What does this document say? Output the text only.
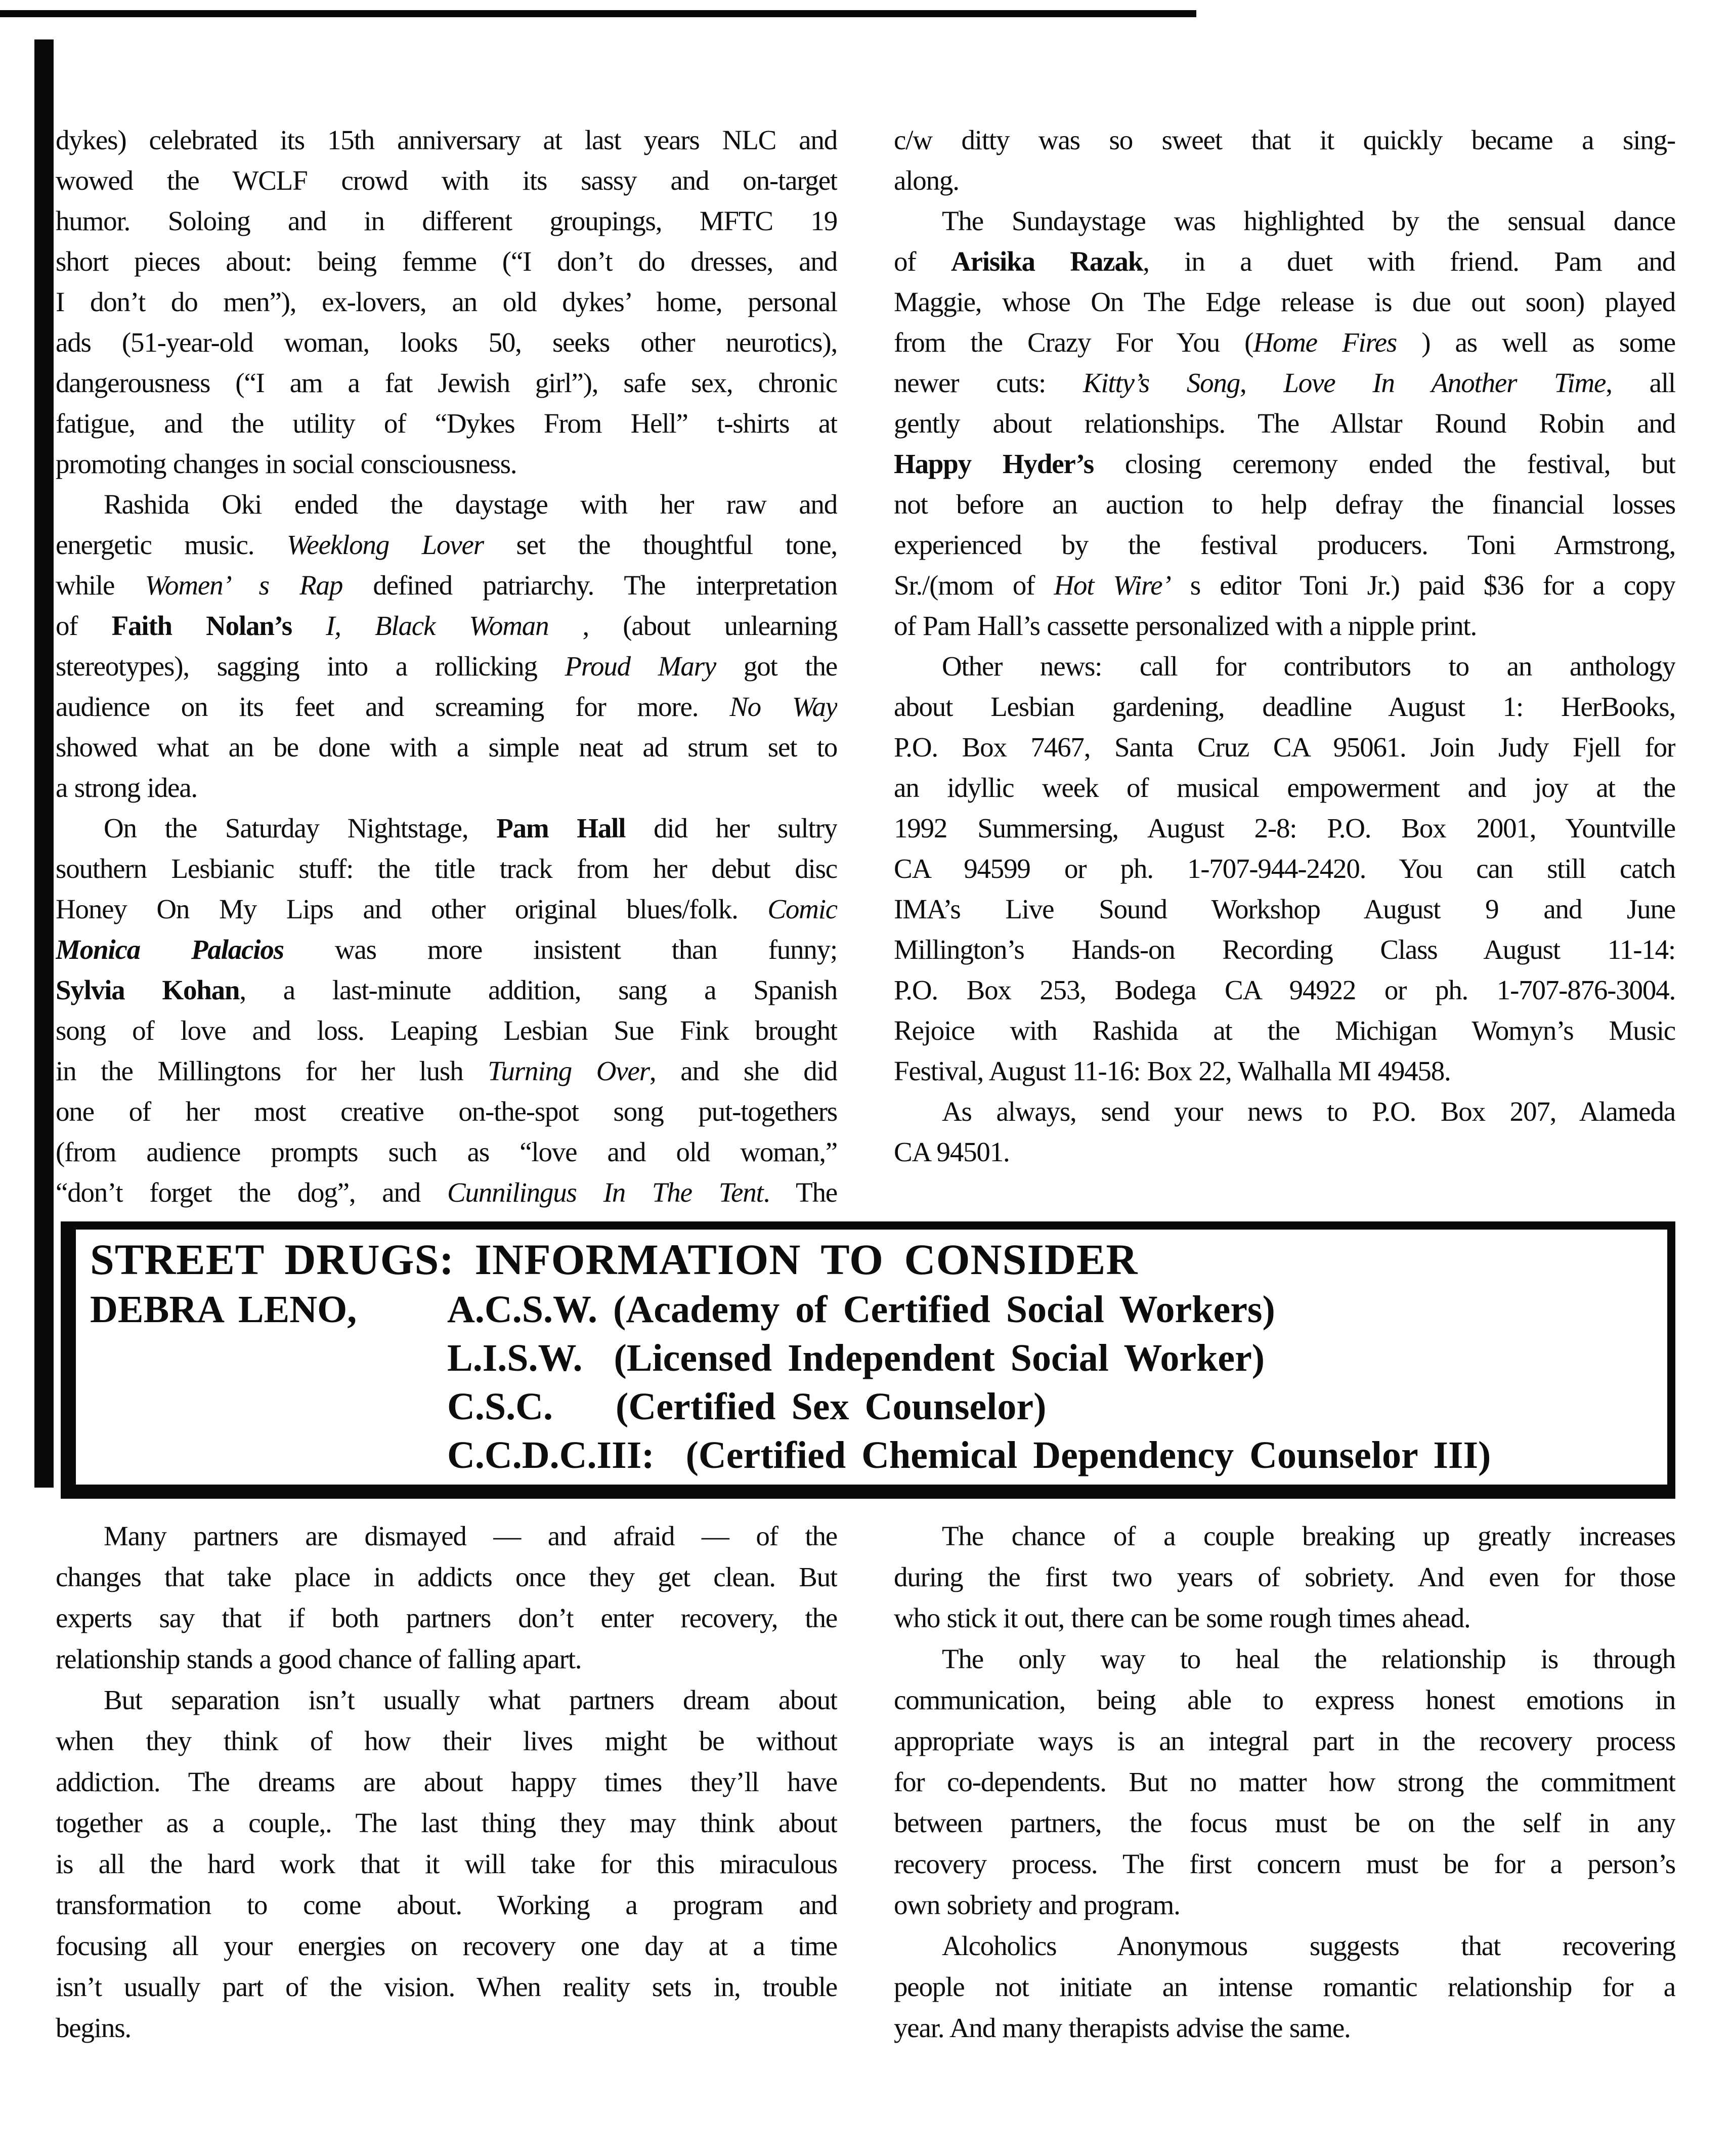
dykes) celebrated its 15th anniversary at last years NLC and
wowed the WCLF crowd with its sassy and on-target
humor. Soloing and in different groupings, MFTC 19
short pieces about: being femme (“I don’t do dresses, and
I don’t do men”), ex-lovers, an old dykes’ home, personal
ads (51-year-old woman, looks 50, seeks other neurotics),
dangerousness (“I am a fat Jewish girl”), safe sex, chronic
fatigue, and the utility of “Dykes From Hell” t-shirts at
promoting changes in social consciousness.
Rashida Oki ended the daystage with her raw and
energetic music. Weeklong Lover set the thoughtful tone,
while Women’ s Rap defined patriarchy. The interpretation
of Faith Nolan’s I, Black Woman , (about unlearning
stereotypes), sagging into a rollicking Proud Mary got the
audience on its feet and screaming for more. No Way
showed what an be done with a simple neat ad strum set to
a strong idea.
On the Saturday Nightstage, Pam Hall did her sultry
southern Lesbianic stuff: the title track from her debut disc
Honey On My Lips and other original blues/folk. Comic
Monica Palacios was more insistent than funny;
Sylvia Kohan, a last-minute addition, sang a Spanish
song of love and loss. Leaping Lesbian Sue Fink brought
in the Millingtons for her lush Turning Over, and she did
one of her most creative on-the-spot song put-togethers
(from audience prompts such as “love and old woman,”
“don’t forget the dog”, and Cunnilingus In The Tent. The
c/w ditty was so sweet that it quickly became a sing-
along.
The Sundaystage was highlighted by the sensual dance
of Arisika Razak, in a duet with friend. Pam and
Maggie, whose On The Edge release is due out soon) played
from the Crazy For You (Home Fires ) as well as some
newer cuts: Kitty’s Song, Love In Another Time, all
gently about relationships. The Allstar Round Robin and
Happy Hyder’s closing ceremony ended the festival, but
not before an auction to help defray the financial losses
experienced by the festival producers. Toni Armstrong,
Sr./(mom of Hot Wire’ s editor Toni Jr.) paid $36 for a copy
of Pam Hall’s cassette personalized with a nipple print.
Other news: call for contributors to an anthology
about Lesbian gardening, deadline August 1: HerBooks,
P.O. Box 7467, Santa Cruz CA 95061. Join Judy Fjell for
an idyllic week of musical empowerment and joy at the
1992 Summersing, August 2-8: P.O. Box 2001, Yountville
CA 94599 or ph. 1-707-944-2420. You can still catch
IMA’s Live Sound Workshop August 9 and June
Millington’s Hands-on Recording Class August 11-14:
P.O. Box 253, Bodega CA 94922 or ph. 1-707-876-3004.
Rejoice with Rashida at the Michigan Womyn’s Music
Festival, August 11-16: Box 22, Walhalla MI 49458.
As always, send your news to P.O. Box 207, Alameda
CA 94501.
STREET DRUGS: INFORMATION TO CONSIDER
DEBRA LENO,	A.C.S.W. (Academy of Certified Social Workers)
L.I.S.W.  (Licensed Independent Social Worker)
C.S.C.    (Certified Sex Counselor)
C.C.D.C.III:  (Certified Chemical Dependency Counselor III)
Many partners are dismayed — and afraid — of the
changes that take place in addicts once they get clean. But
experts say that if both partners don’t enter recovery, the
relationship stands a good chance of falling apart.
But separation isn’t usually what partners dream about
when they think of how their lives might be without
addiction. The dreams are about happy times they’ll have
together as a couple,. The last thing they may think about
is all the hard work that it will take for this miraculous
transformation to come about. Working a program and
focusing all your energies on recovery one day at a time
isn’t usually part of the vision. When reality sets in, trouble
begins.
The chance of a couple breaking up greatly increases
during the first two years of sobriety. And even for those
who stick it out, there can be some rough times ahead.
The only way to heal the relationship is through
communication, being able to express honest emotions in
appropriate ways is an integral part in the recovery process
for co-dependents. But no matter how strong the commitment
between partners, the focus must be on the self in any
recovery process. The first concern must be for a person’s
own sobriety and program.
Alcoholics Anonymous suggests that recovering
people not initiate an intense romantic relationship for a
year. And many therapists advise the same.
